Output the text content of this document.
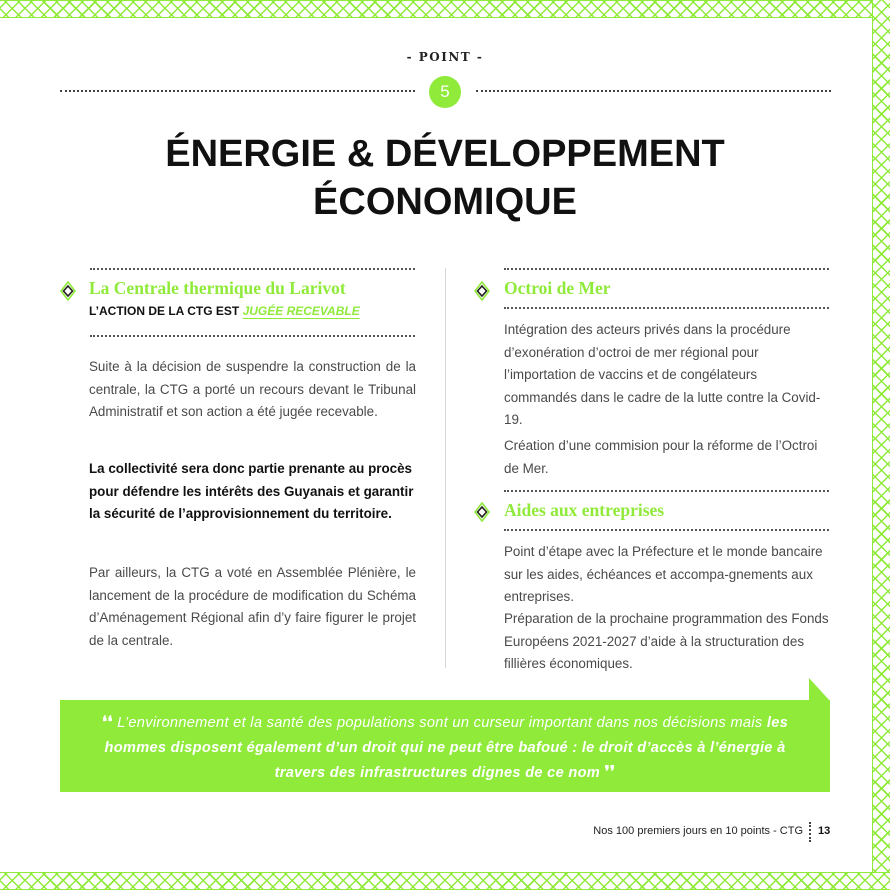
- POINT -
5
ÉNERGIE & DÉVELOPPEMENT
ÉCONOMIQUE
La Centrale thermique du Larivot
L’ACTION DE LA CTG EST JUGÉE RECEVABLE

Suite à la décision de suspendre la construction de la centrale, la CTG a porté un recours devant le Tribunal Administratif et son action a été jugée recevable.

La collectivité sera donc partie prenante au procès pour défendre les intérêts des Guyanais et garantir la sécurité de l’approvisionnement du territoire.

Par ailleurs, la CTG a voté en Assemblée Plénière, le lancement de la procédure de modification du Schéma d’Aménagement Régional afin d’y faire figurer le projet de la centrale.

Octroi de Mer

Intégration des acteurs privés dans la procédure d’exonération d’octroi de mer régional pour l’importation de vaccins et de congélateurs commandés dans le cadre de la lutte contre la Covid-19.

Création d’une commision pour la réforme de l’Octroi de Mer.

Aides aux entreprises

Point d’étape avec la Préfecture et le monde bancaire sur les aides, échéances et accompa-gnements aux entreprises.

Préparation de la prochaine programmation des Fonds Européens 2021-2027 d’aide à la structuration des fillières économiques.

❛❛ L’environnement et la santé des populations sont un curseur important dans nos décisions mais les hommes disposent également d’un droit qui ne peut être bafoué : le droit d’accès à l’énergie à travers des infrastructures dignes de ce nom ❜❜
Nos 100 premiers jours en 10 points - CTG 13
